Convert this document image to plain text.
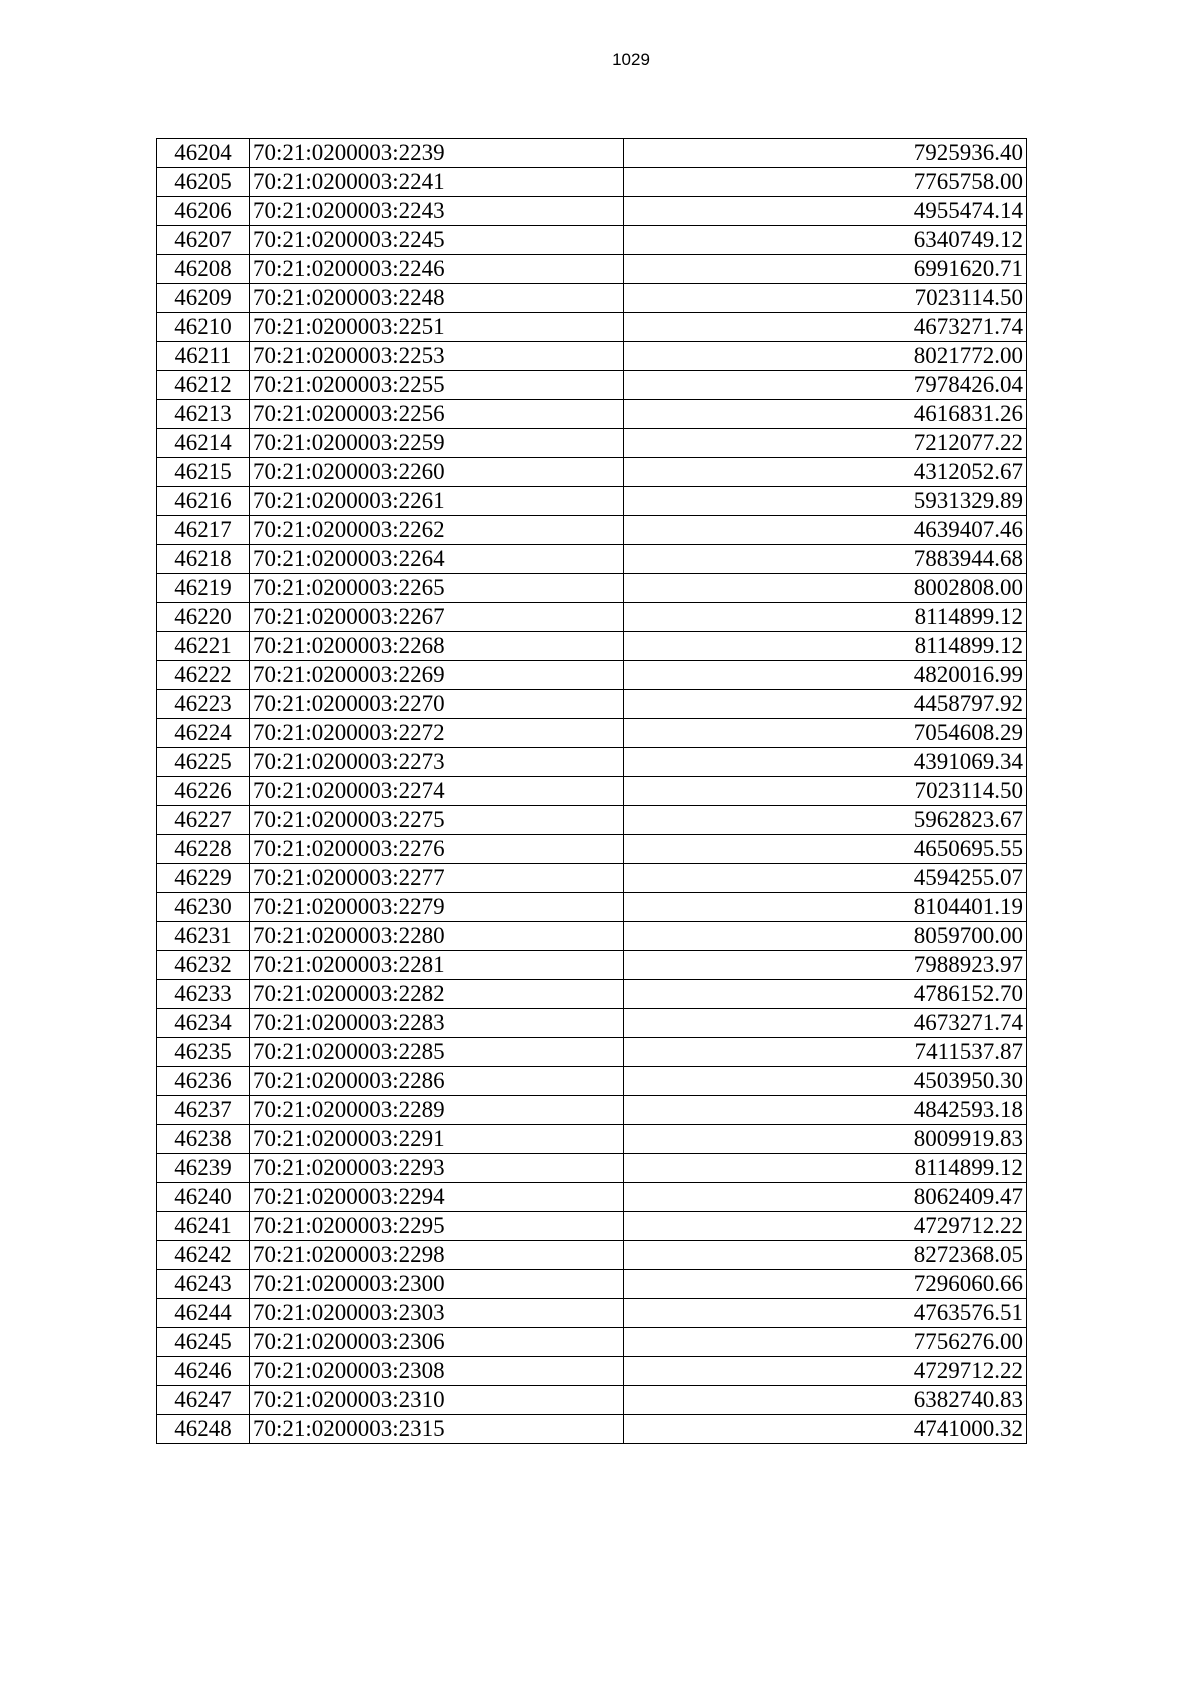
1029
46204	70:21:0200003:2239	7925936.40
46205	70:21:0200003:2241	7765758.00
46206	70:21:0200003:2243	4955474.14
46207	70:21:0200003:2245	6340749.12
46208	70:21:0200003:2246	6991620.71
46209	70:21:0200003:2248	7023114.50
46210	70:21:0200003:2251	4673271.74
46211	70:21:0200003:2253	8021772.00
46212	70:21:0200003:2255	7978426.04
46213	70:21:0200003:2256	4616831.26
46214	70:21:0200003:2259	7212077.22
46215	70:21:0200003:2260	4312052.67
46216	70:21:0200003:2261	5931329.89
46217	70:21:0200003:2262	4639407.46
46218	70:21:0200003:2264	7883944.68
46219	70:21:0200003:2265	8002808.00
46220	70:21:0200003:2267	8114899.12
46221	70:21:0200003:2268	8114899.12
46222	70:21:0200003:2269	4820016.99
46223	70:21:0200003:2270	4458797.92
46224	70:21:0200003:2272	7054608.29
46225	70:21:0200003:2273	4391069.34
46226	70:21:0200003:2274	7023114.50
46227	70:21:0200003:2275	5962823.67
46228	70:21:0200003:2276	4650695.55
46229	70:21:0200003:2277	4594255.07
46230	70:21:0200003:2279	8104401.19
46231	70:21:0200003:2280	8059700.00
46232	70:21:0200003:2281	7988923.97
46233	70:21:0200003:2282	4786152.70
46234	70:21:0200003:2283	4673271.74
46235	70:21:0200003:2285	7411537.87
46236	70:21:0200003:2286	4503950.30
46237	70:21:0200003:2289	4842593.18
46238	70:21:0200003:2291	8009919.83
46239	70:21:0200003:2293	8114899.12
46240	70:21:0200003:2294	8062409.47
46241	70:21:0200003:2295	4729712.22
46242	70:21:0200003:2298	8272368.05
46243	70:21:0200003:2300	7296060.66
46244	70:21:0200003:2303	4763576.51
46245	70:21:0200003:2306	7756276.00
46246	70:21:0200003:2308	4729712.22
46247	70:21:0200003:2310	6382740.83
46248	70:21:0200003:2315	4741000.32
